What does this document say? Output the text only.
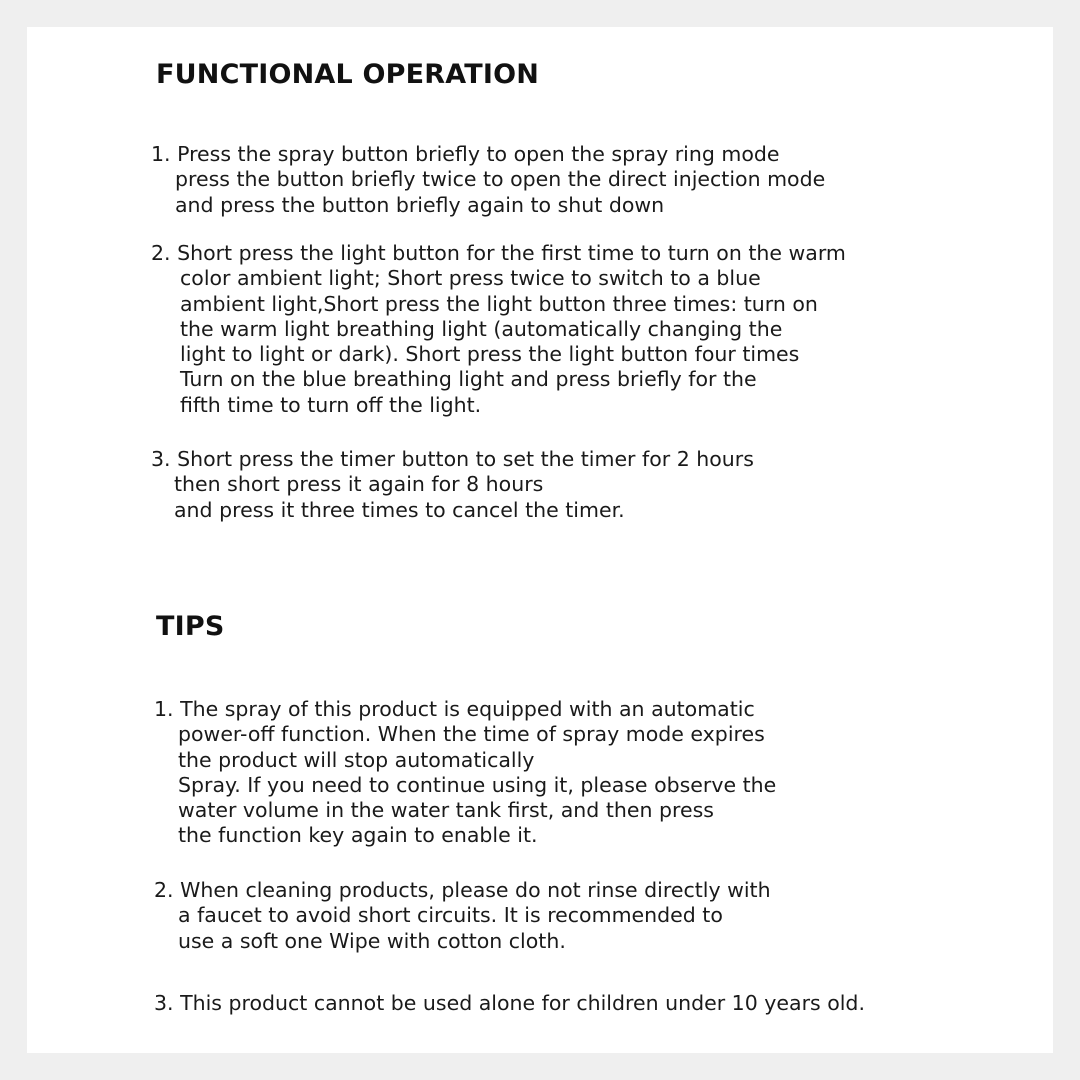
FUNCTIONAL OPERATION
1. Press the spray button briefly to open the spray ring mode
press the button briefly twice to open the direct injection mode
and press the button briefly again to shut down
2. Short press the light button for the first time to turn on the warm
color ambient light; Short press twice to switch to a blue
ambient light,Short press the light button three times: turn on
the warm light breathing light (automatically changing the
light to light or dark). Short press the light button four times
Turn on the blue breathing light and press briefly for the
fifth time to turn off the light.
3. Short press the timer button to set the timer for 2 hours
then short press it again for 8 hours
and press it three times to cancel the timer.
TIPS
1. The spray of this product is equipped with an automatic
power-off function. When the time of spray mode expires
the product will stop automatically
Spray. If you need to continue using it, please observe the
water volume in the water tank first, and then press
the function key again to enable it.
2. When cleaning products, please do not rinse directly with
a faucet to avoid short circuits. It is recommended to
use a soft one Wipe with cotton cloth.
3. This product cannot be used alone for children under 10 years old.
